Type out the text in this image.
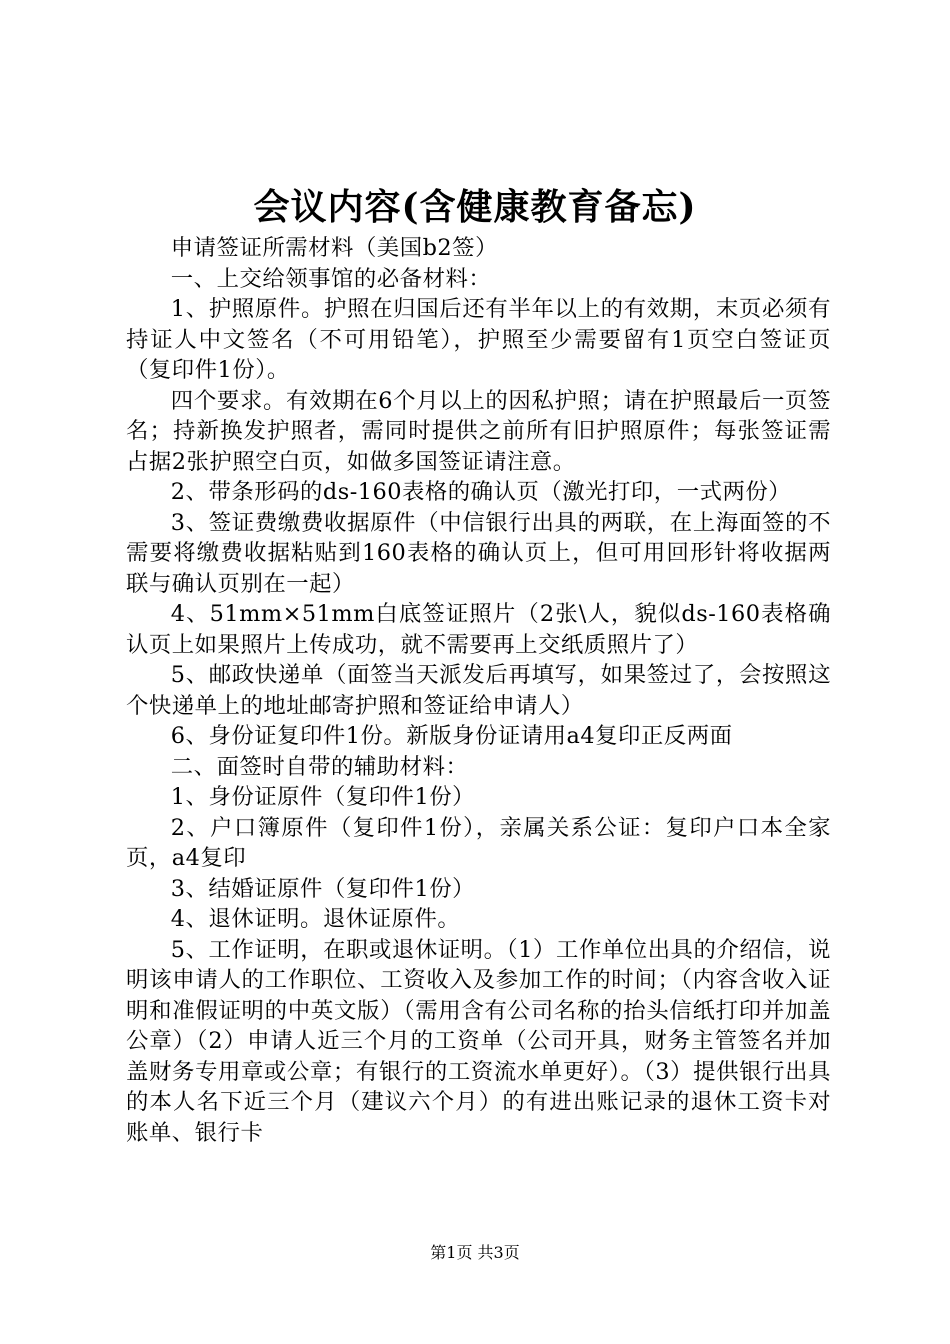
会议内容(含健康教育备忘)

申请签证所需材料（美国b2签）

一、上交给领事馆的必备材料：

1、护照原件。护照在归国后还有半年以上的有效期，末页必须有持证人中文签名（不可用铅笔），护照至少需要留有1页空白签证页（复印件1份）。

四个要求。有效期在6个月以上的因私护照；请在护照最后一页签名；持新换发护照者，需同时提供之前所有旧护照原件；每张签证需占据2张护照空白页，如做多国签证请注意。

2、带条形码的ds-160表格的确认页（激光打印，一式两份）

3、签证费缴费收据原件（中信银行出具的两联，在上海面签的不需要将缴费收据粘贴到160表格的确认页上，但可用回形针将收据两联与确认页别在一起）

4、51mm×51mm白底签证照片（2张\人，貌似ds-160表格确认页上如果照片上传成功，就不需要再上交纸质照片了）

5、邮政快递单（面签当天派发后再填写，如果签过了，会按照这个快递单上的地址邮寄护照和签证给申请人）

6、身份证复印件1份。新版身份证请用a4复印正反两面

二、面签时自带的辅助材料：

1、身份证原件（复印件1份）

2、户口簿原件（复印件1份），亲属关系公证：复印户口本全家页，a4复印

3、结婚证原件（复印件1份）

4、退休证明。退休证原件。

5、工作证明，在职或退休证明。（1）工作单位出具的介绍信，说明该申请人的工作职位、工资收入及参加工作的时间；（内容含收入证明和准假证明的中英文版）（需用含有公司名称的抬头信纸打印并加盖公章）（2）申请人近三个月的工资单（公司开具，财务主管签名并加盖财务专用章或公章；有银行的工资流水单更好）。（3）提供银行出具的本人名下近三个月（建议六个月）的有进出账记录的退休工资卡对账单、银行卡

第1页 共3页
